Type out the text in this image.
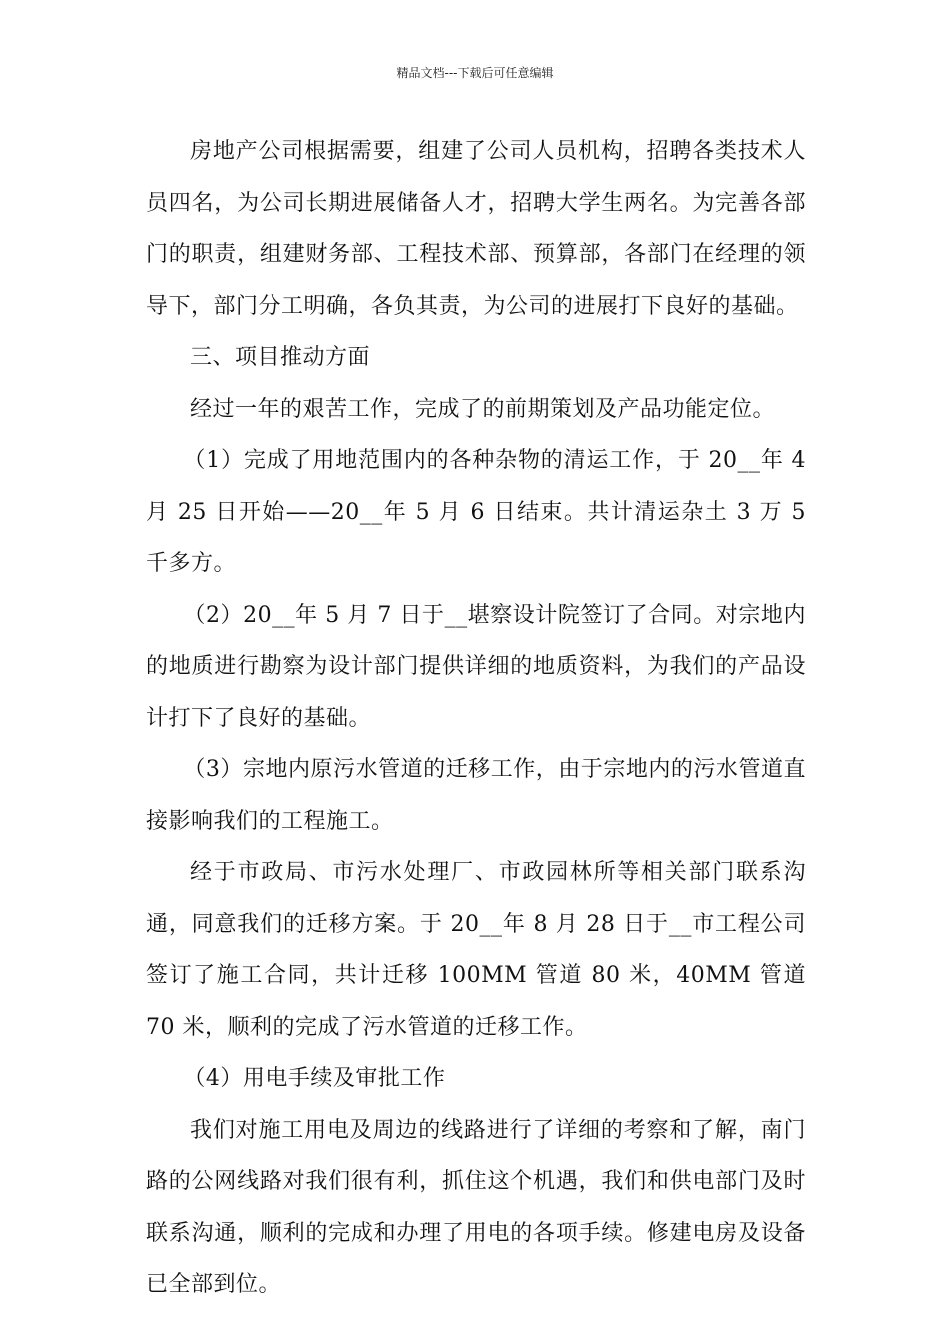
精品文档---下载后可任意编辑

房地产公司根据需要，组建了公司人员机构，招聘各类技术人员四名，为公司长期进展储备人才，招聘大学生两名。为完善各部门的职责，组建财务部、工程技术部、预算部，各部门在经理的领导下，部门分工明确，各负其责，为公司的进展打下良好的基础。

三、项目推动方面

经过一年的艰苦工作，完成了的前期策划及产品功能定位。

（1）完成了用地范围内的各种杂物的清运工作，于 20__年 4 月 25 日开始——20__年 5 月 6 日结束。共计清运杂土 3 万 5 千多方。

（2）20__年 5 月 7 日于__堪察设计院签订了合同。对宗地内的地质进行勘察为设计部门提供详细的地质资料，为我们的产品设计打下了良好的基础。

（3）宗地内原污水管道的迁移工作，由于宗地内的污水管道直接影响我们的工程施工。

经于市政局、市污水处理厂、市政园林所等相关部门联系沟通，同意我们的迁移方案。于 20__年 8 月 28 日于__市工程公司签订了施工合同，共计迁移 100MM 管道 80 米，40MM 管道 70 米，顺利的完成了污水管道的迁移工作。

（4）用电手续及审批工作

我们对施工用电及周边的线路进行了详细的考察和了解，南门路的公网线路对我们很有利，抓住这个机遇，我们和供电部门及时联系沟通，顺利的完成和办理了用电的各项手续。修建电房及设备已全部到位。
